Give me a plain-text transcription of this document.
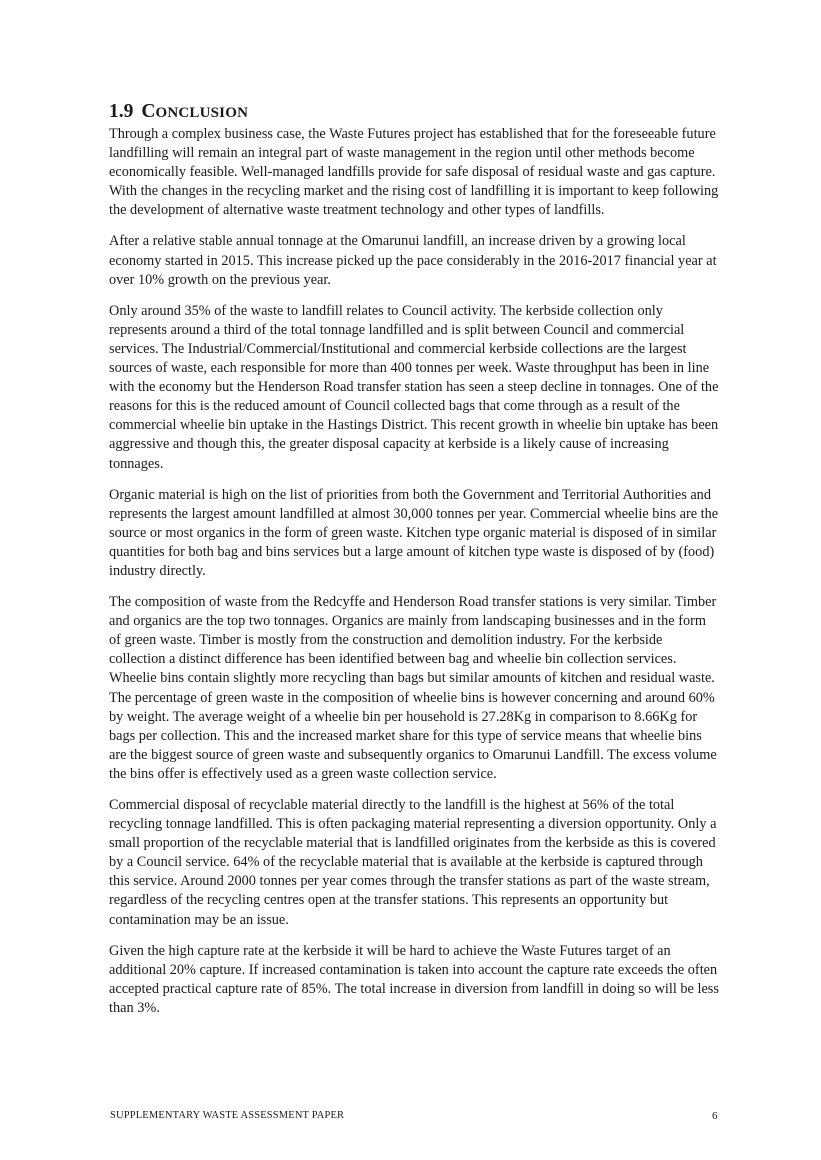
1.9 CONCLUSION

Through a complex business case, the Waste Futures project has established that for the foreseeable future landfilling will remain an integral part of waste management in the region until other methods become economically feasible. Well-managed landfills provide for safe disposal of residual waste and gas capture. With the changes in the recycling market and the rising cost of landfilling it is important to keep following the development of alternative waste treatment technology and other types of landfills.

After a relative stable annual tonnage at the Omarunui landfill, an increase driven by a growing local economy started in 2015. This increase picked up the pace considerably in the 2016-2017 financial year at over 10% growth on the previous year.

Only around 35% of the waste to landfill relates to Council activity. The kerbside collection only represents around a third of the total tonnage landfilled and is split between Council and commercial services. The Industrial/Commercial/Institutional and commercial kerbside collections are the largest sources of waste, each responsible for more than 400 tonnes per week. Waste throughput has been in line with the economy but the Henderson Road transfer station has seen a steep decline in tonnages. One of the reasons for this is the reduced amount of Council collected bags that come through as a result of the commercial wheelie bin uptake in the Hastings District. This recent growth in wheelie bin uptake has been aggressive and though this, the greater disposal capacity at kerbside is a likely cause of increasing tonnages.

Organic material is high on the list of priorities from both the Government and Territorial Authorities and represents the largest amount landfilled at almost 30,000 tonnes per year. Commercial wheelie bins are the source or most organics in the form of green waste. Kitchen type organic material is disposed of in similar quantities for both bag and bins services but a large amount of kitchen type waste is disposed of by (food) industry directly.

The composition of waste from the Redcyffe and Henderson Road transfer stations is very similar. Timber and organics are the top two tonnages. Organics are mainly from landscaping businesses and in the form of green waste. Timber is mostly from the construction and demolition industry. For the kerbside collection a distinct difference has been identified between bag and wheelie bin collection services. Wheelie bins contain slightly more recycling than bags but similar amounts of kitchen and residual waste. The percentage of green waste in the composition of wheelie bins is however concerning and around 60% by weight. The average weight of a wheelie bin per household is 27.28Kg in comparison to 8.66Kg for bags per collection. This and the increased market share for this type of service means that wheelie bins are the biggest source of green waste and subsequently organics to Omarunui Landfill. The excess volume the bins offer is effectively used as a green waste collection service.

Commercial disposal of recyclable material directly to the landfill is the highest at 56% of the total recycling tonnage landfilled. This is often packaging material representing a diversion opportunity. Only a small proportion of the recyclable material that is landfilled originates from the kerbside as this is covered by a Council service. 64% of the recyclable material that is available at the kerbside is captured through this service. Around 2000 tonnes per year comes through the transfer stations as part of the waste stream, regardless of the recycling centres open at the transfer stations. This represents an opportunity but contamination may be an issue.

Given the high capture rate at the kerbside it will be hard to achieve the Waste Futures target of an additional 20% capture. If increased contamination is taken into account the capture rate exceeds the often accepted practical capture rate of 85%. The total increase in diversion from landfill in doing so will be less than 3%.

SUPPLEMENTARY WASTE ASSESSMENT PAPER	6
